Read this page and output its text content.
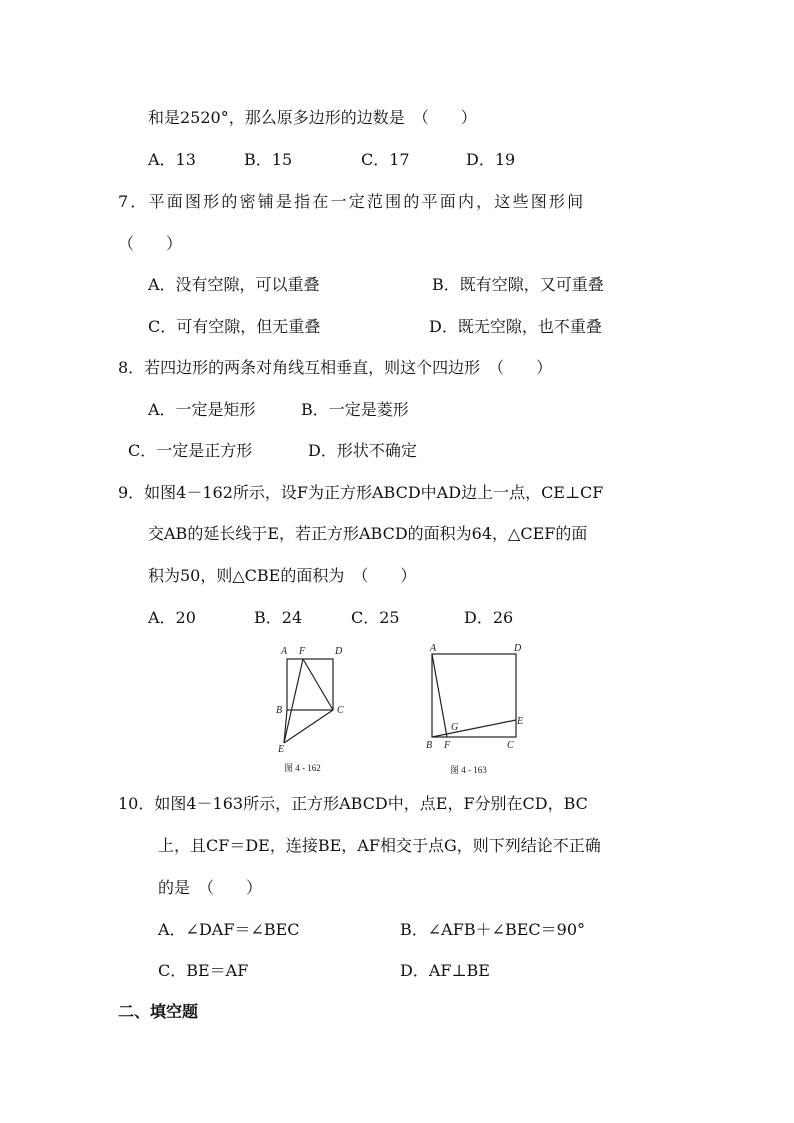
和是2520°，那么原多边形的边数是　（　　）
A．13	B．15	C．17	D．19
7．平面图形的密铺是指在一定范围的平面内，这些图形间
（　　）
A．没有空隙，可以重叠	B．既有空隙，又可重叠
C．可有空隙，但无重叠	D．既无空隙，也不重叠
8．若四边形的两条对角线互相垂直，则这个四边形　（　　）
A．一定是矩形	B．一定是菱形
C．一定是正方形	D．形状不确定
9．如图4－162所示，设F为正方形ABCD中AD边上一点，CE⊥CF
交AB的延长线于E，若正方形ABCD的面积为64，△CEF的面
积为50，则△CBE的面积为　（　　）
A．20	B．24	C．25	D．26
A F	D
B	C
E
图 4 - 162
A	D
E
G
B F	C
图 4 - 163
10．如图4－163所示，正方形ABCD中，点E，F分别在CD，BC
上，且CF＝DE，连接BE，AF相交于点G，则下列结论不正确
的是　（　　）
A．∠DAF＝∠BEC	B．∠AFB＋∠BEC＝90°
C．BE＝AF	D．AF⊥BE
二、填空题
